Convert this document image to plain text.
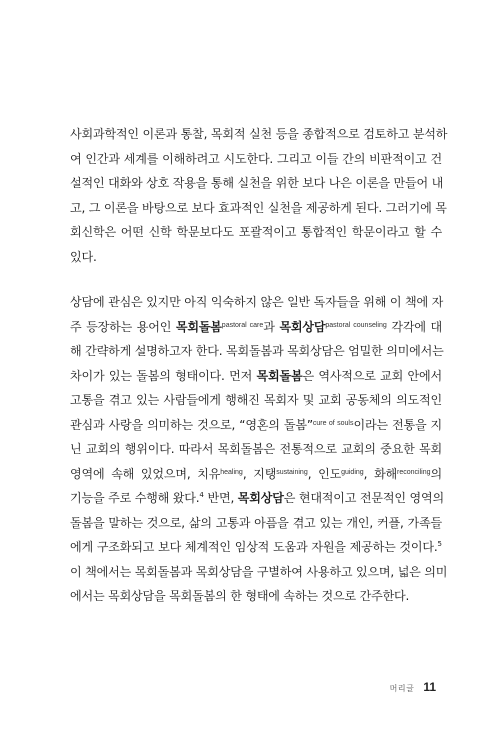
사회과학적인 이론과 통찰, 목회적 실천 등을 종합적으로 검토하고 분석하
여 인간과 세계를 이해하려고 시도한다. 그리고 이들 간의 비판적이고 건
설적인 대화와 상호 작용을 통해 실천을 위한 보다 나은 이론을 만들어 내
고, 그 이론을 바탕으로 보다 효과적인 실천을 제공하게 된다. 그러기에 목
회신학은 어떤 신학 학문보다도 포괄적이고 통합적인 학문이라고 할 수
있다.
상담에 관심은 있지만 아직 익숙하지 않은 일반 독자들을 위해 이 책에 자
주 등장하는 용어인 목회돌봄$^{pastoral care}$과 목회상담$^{pastoral counseling}$ 각각에 대
해 간략하게 설명하고자 한다. 목회돌봄과 목회상담은 엄밀한 의미에서는
차이가 있는 돌봄의 형태이다. 먼저 목회돌봄은 역사적으로 교회 안에서
고통을 겪고 있는 사람들에게 행해진 목회자 및 교회 공동체의 의도적인
관심과 사랑을 의미하는 것으로, “영혼의 돌봄”$^{cure of souls}$이라는 전통을 지
닌 교회의 행위이다. 따라서 목회돌봄은 전통적으로 교회의 중요한 목회
영역에 속해 있었으며, 치유$^{healing}$, 지탱$^{sustaining}$, 인도$^{guiding}$, 화해$^{reconciling}$의
기능을 주로 수행해 왔다.$^4$ 반면, 목회상담은 현대적이고 전문적인 영역의
돌봄을 말하는 것으로, 삶의 고통과 아픔을 겪고 있는 개인, 커플, 가족들
에게 구조화되고 보다 체계적인 임상적 도움과 자원을 제공하는 것이다.$^5$
이 책에서는 목회돌봄과 목회상담을 구별하여 사용하고 있으며, 넓은 의미
에서는 목회상담을 목회돌봄의 한 형태에 속하는 것으로 간주한다.
머리글 11
